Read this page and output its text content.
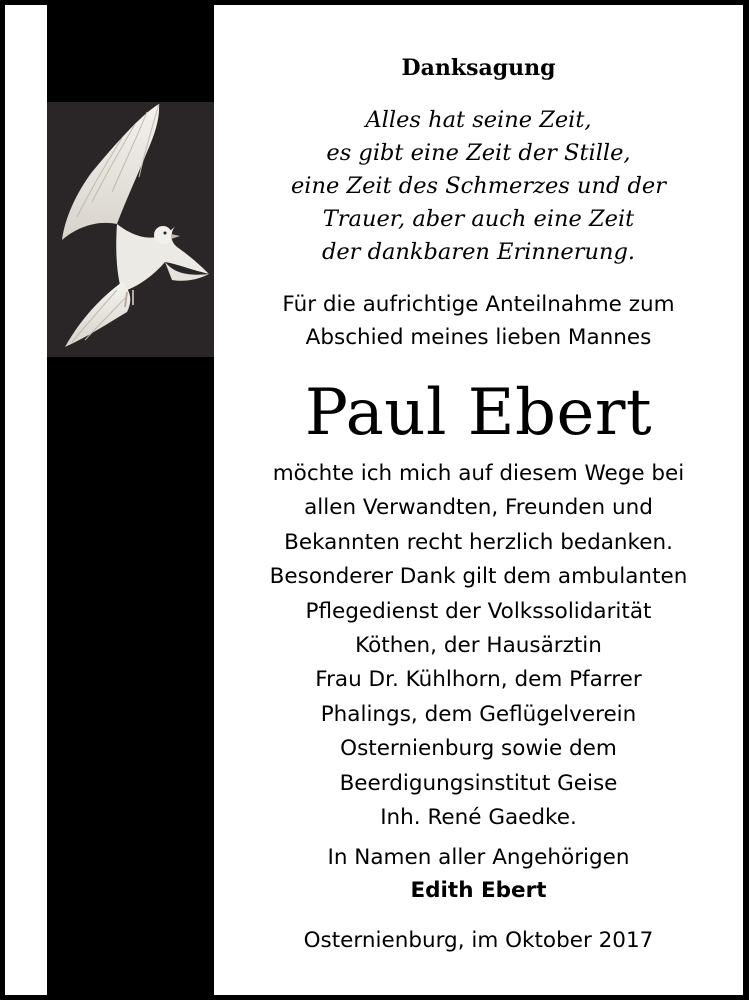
Danksagung
Alles hat seine Zeit,
es gibt eine Zeit der Stille,
eine Zeit des Schmerzes und der
Trauer, aber auch eine Zeit
der dankbaren Erinnerung.
Für die aufrichtige Anteilnahme zum
Abschied meines lieben Mannes
Paul Ebert
möchte ich mich auf diesem Wege bei
allen Verwandten, Freunden und
Bekannten recht herzlich bedanken.
Besonderer Dank gilt dem ambulanten
Pflegedienst der Volkssolidarität
Köthen, der Hausärztin
Frau Dr. Kühlhorn, dem Pfarrer
Phalings, dem Geflügelverein
Osternienburg sowie dem
Beerdigungsinstitut Geise
Inh. René Gaedke.
In Namen aller Angehörigen
Edith Ebert
Osternienburg, im Oktober 2017
